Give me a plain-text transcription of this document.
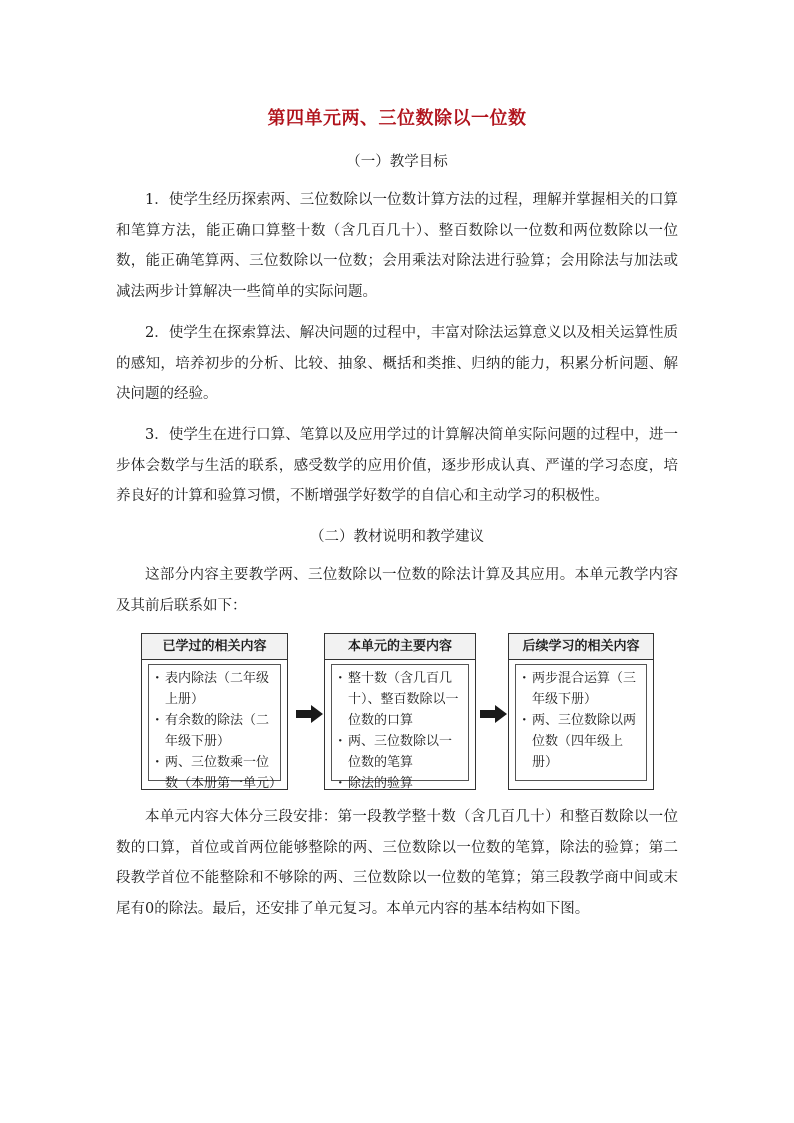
第四单元两、三位数除以一位数
（一）教学目标
1．使学生经历探索两、三位数除以一位数计算方法的过程，理解并掌握相关的口算和笔算方法，能正确口算整十数（含几百几十）、整百数除以一位数和两位数除以一位数，能正确笔算两、三位数除以一位数；会用乘法对除法进行验算；会用除法与加法或减法两步计算解决一些简单的实际问题。
2．使学生在探索算法、解决问题的过程中，丰富对除法运算意义以及相关运算性质的感知，培养初步的分析、比较、抽象、概括和类推、归纳的能力，积累分析问题、解决问题的经验。
3．使学生在进行口算、笔算以及应用学过的计算解决简单实际问题的过程中，进一步体会数学与生活的联系，感受数学的应用价值，逐步形成认真、严谨的学习态度，培养良好的计算和验算习惯，不断增强学好数学的自信心和主动学习的积极性。
（二）教材说明和教学建议
这部分内容主要教学两、三位数除以一位数的除法计算及其应用。本单元教学内容及其前后联系如下：
已学过的相关内容
· 表内除法（二年级上册）
· 有余数的除法（二年级下册）
· 两、三位数乘一位数（本册第一单元）
本单元的主要内容
· 整十数（含几百几十）、整百数除以一位数的口算
· 两、三位数除以一位数的笔算
· 除法的验算
后续学习的相关内容
· 两步混合运算（三年级下册）
· 两、三位数除以两位数（四年级上册）
本单元内容大体分三段安排：第一段教学整十数（含几百几十）和整百数除以一位数的口算，首位或首两位能够整除的两、三位数除以一位数的笔算，除法的验算；第二段教学首位不能整除和不够除的两、三位数除以一位数的笔算；第三段教学商中间或末尾有0的除法。最后，还安排了单元复习。本单元内容的基本结构如下图。
